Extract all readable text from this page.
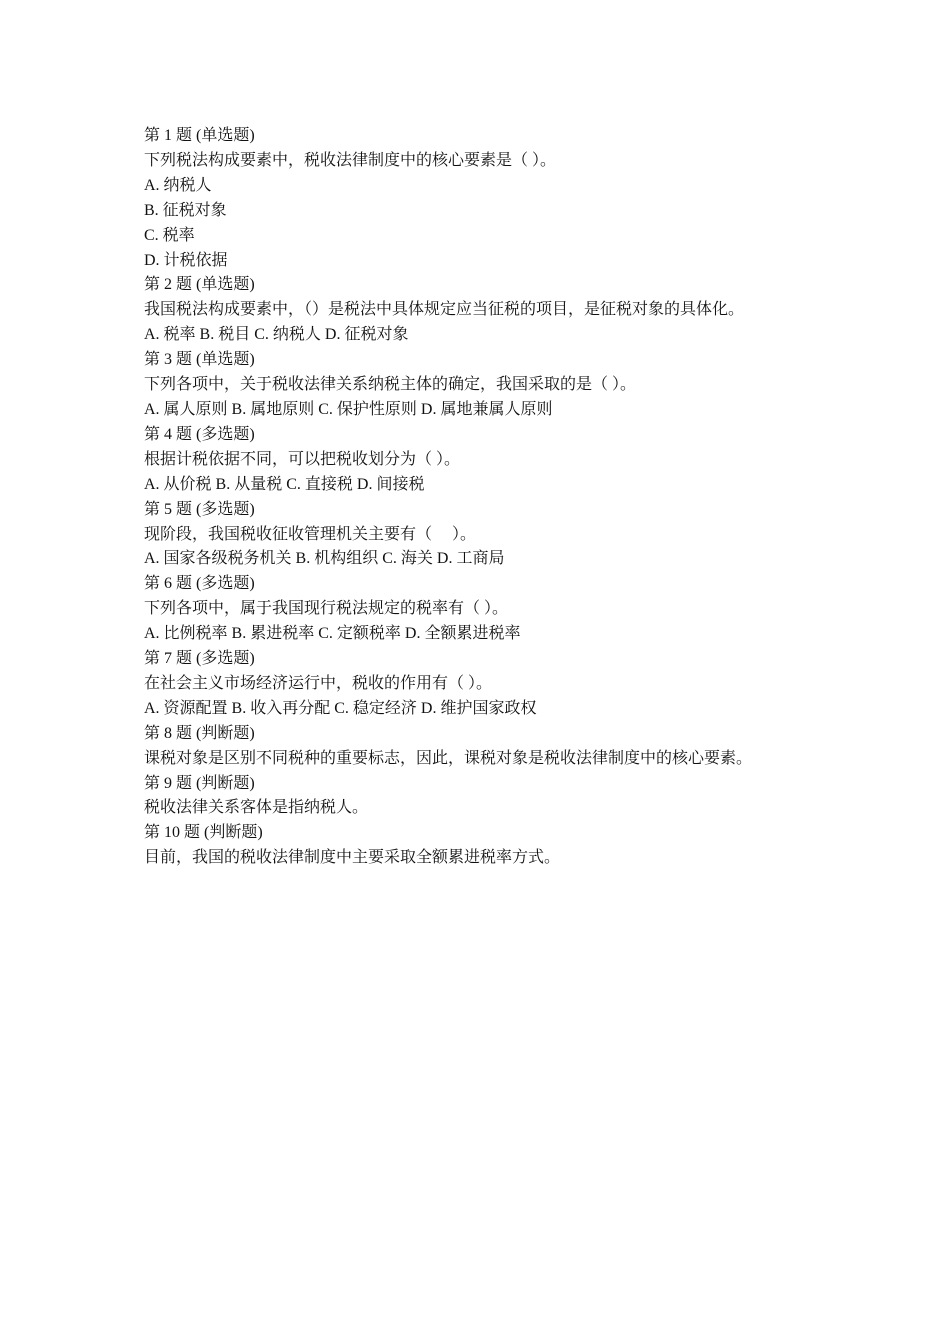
第 1 题 (单选题)
下列税法构成要素中，税收法律制度中的核心要素是（ ）。
A. 纳税人
B. 征税对象
C. 税率
D. 计税依据
第 2 题 (单选题)
我国税法构成要素中，（）是税法中具体规定应当征税的项目，是征税对象的具体化。
A. 税率 B. 税目 C. 纳税人 D. 征税对象
第 3 题 (单选题)
下列各项中，关于税收法律关系纳税主体的确定，我国采取的是（ ）。
A. 属人原则 B. 属地原则 C. 保护性原则 D. 属地兼属人原则
第 4 题 (多选题)
根据计税依据不同，可以把税收划分为（ ）。
A. 从价税 B. 从量税 C. 直接税 D. 间接税
第 5 题 (多选题)
现阶段，我国税收征收管理机关主要有（　 ）。
A. 国家各级税务机关 B. 机构组织 C. 海关 D. 工商局
第 6 题 (多选题)
下列各项中，属于我国现行税法规定的税率有（ ）。
A. 比例税率 B. 累进税率 C. 定额税率 D. 全额累进税率
第 7 题 (多选题)
在社会主义市场经济运行中，税收的作用有（ ）。
A. 资源配置 B. 收入再分配 C. 稳定经济 D. 维护国家政权
第 8 题 (判断题)
课税对象是区别不同税种的重要标志，因此，课税对象是税收法律制度中的核心要素。
第 9 题 (判断题)
税收法律关系客体是指纳税人。
第 10 题 (判断题)
目前，我国的税收法律制度中主要采取全额累进税率方式。
